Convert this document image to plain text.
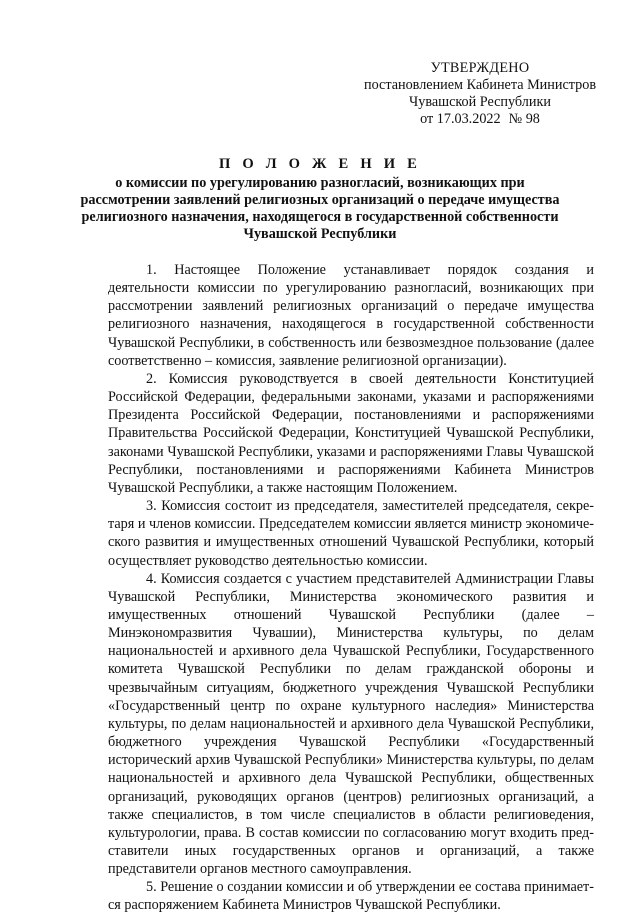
УТВЕРЖДЕНО
постановлением Кабинета Министров
Чувашской Республики
от 17.03.2022 № 98
П О Л О Ж Е Н И Е
о комиссии по урегулированию разногласий, возникающих при
рассмотрении заявлений религиозных организаций о передаче имущества
религиозного назначения, находящегося в государственной собственности
Чувашской Республики

1. Настоящее Положение устанавливает порядок создания и деятельности комиссии по урегулированию разногласий, возникающих при рассмотрении заявлений религиозных организаций о передаче имущества религиозного назначения, находящегося в государственной собственности Чувашской Республики, в собственность или безвозмездное пользование (далее соответственно – комиссия, заявление религиозной организации).

2. Комиссия руководствуется в своей деятельности Конституцией Российской Федерации, федеральными законами, указами и распоряжениями Президента Российской Федерации, постановлениями и распоряжениями Правительства Российской Федерации, Конституцией Чувашской Республики, законами Чувашской Республики, указами и распоряжениями Главы Чувашской Республики, постановлениями и распоряжениями Кабинета Министров Чувашской Республики, а также настоящим Положением.

3. Комиссия состоит из председателя, заместителей председателя, секретаря и членов комиссии. Председателем комиссии является министр экономического развития и имущественных отношений Чувашской Республики, который осуществляет руководство деятельностью комиссии.

4. Комиссия создается с участием представителей Администрации Главы Чувашской Республики, Министерства экономического развития и имущественных отношений Чувашской Республики (далее – Минэкономразвития Чувашии), Министерства культуры, по делам национальностей и архивного дела Чувашской Республики, Государственного комитета Чувашской Республики по делам гражданской обороны и чрезвычайным ситуациям, бюджетного учреждения Чувашской Республики «Государственный центр по охране культурного наследия» Министерства культуры, по делам национальностей и архивного дела Чувашской Республики, бюджетного учреждения Чувашской Республики «Государственный исторический архив Чувашской Республики» Министерства культуры, по делам национальностей и архивного дела Чувашской Республики, общественных организаций, руководящих органов (центров) религиозных организаций, а также специалистов, в том числе специалистов в области религиоведения, культурологии, права. В состав комиссии по согласованию могут входить представители иных государственных органов и организаций, а также представители органов местного самоуправления.

5. Решение о создании комиссии и об утверждении ее состава принимается распоряжением Кабинета Министров Чувашской Республики.
